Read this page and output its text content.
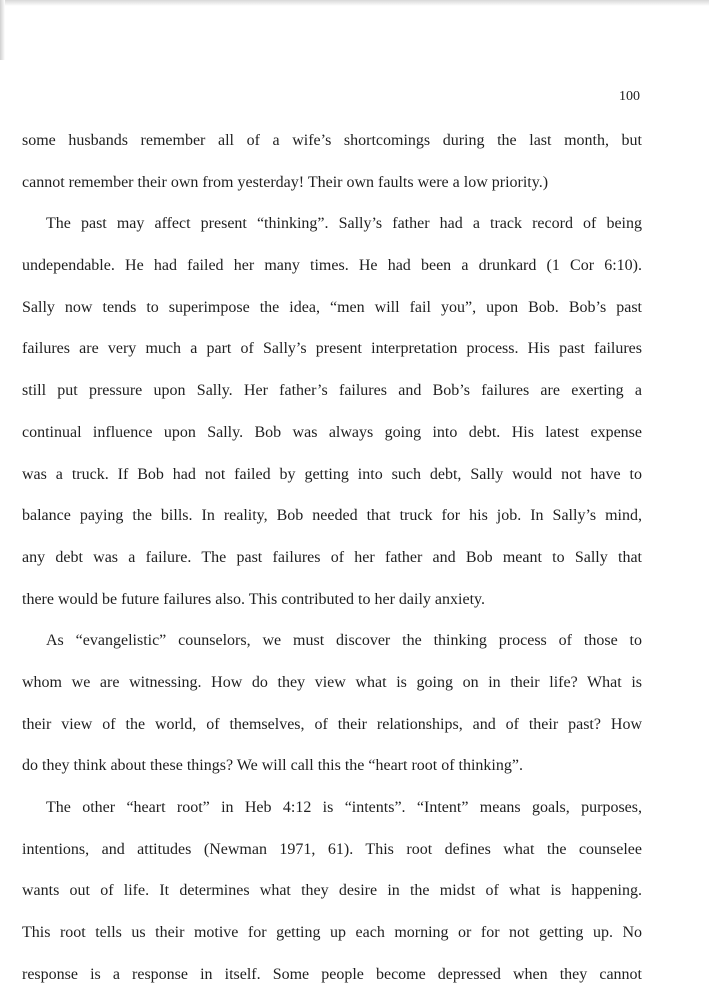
100
some husbands remember all of a wife’s shortcomings during the last month, but
cannot remember their own from yesterday! Their own faults were a low priority.)
The past may affect present “thinking”. Sally’s father had a track record of being
undependable. He had failed her many times. He had been a drunkard (1 Cor 6:10).
Sally now tends to superimpose the idea, “men will fail you”, upon Bob. Bob’s past
failures are very much a part of Sally’s present interpretation process. His past failures
still put pressure upon Sally. Her father’s failures and Bob’s failures are exerting a
continual influence upon Sally. Bob was always going into debt. His latest expense
was a truck. If Bob had not failed by getting into such debt, Sally would not have to
balance paying the bills. In reality, Bob needed that truck for his job. In Sally’s mind,
any debt was a failure. The past failures of her father and Bob meant to Sally that
there would be future failures also. This contributed to her daily anxiety.
As “evangelistic” counselors, we must discover the thinking process of those to
whom we are witnessing. How do they view what is going on in their life? What is
their view of the world, of themselves, of their relationships, and of their past? How
do they think about these things? We will call this the “heart root of thinking”.
The other “heart root” in Heb 4:12 is “intents”. “Intent” means goals, purposes,
intentions, and attitudes (Newman 1971, 61). This root defines what the counselee
wants out of life. It determines what they desire in the midst of what is happening.
This root tells us their motive for getting up each morning or for not getting up. No
response is a response in itself. Some people become depressed when they cannot
